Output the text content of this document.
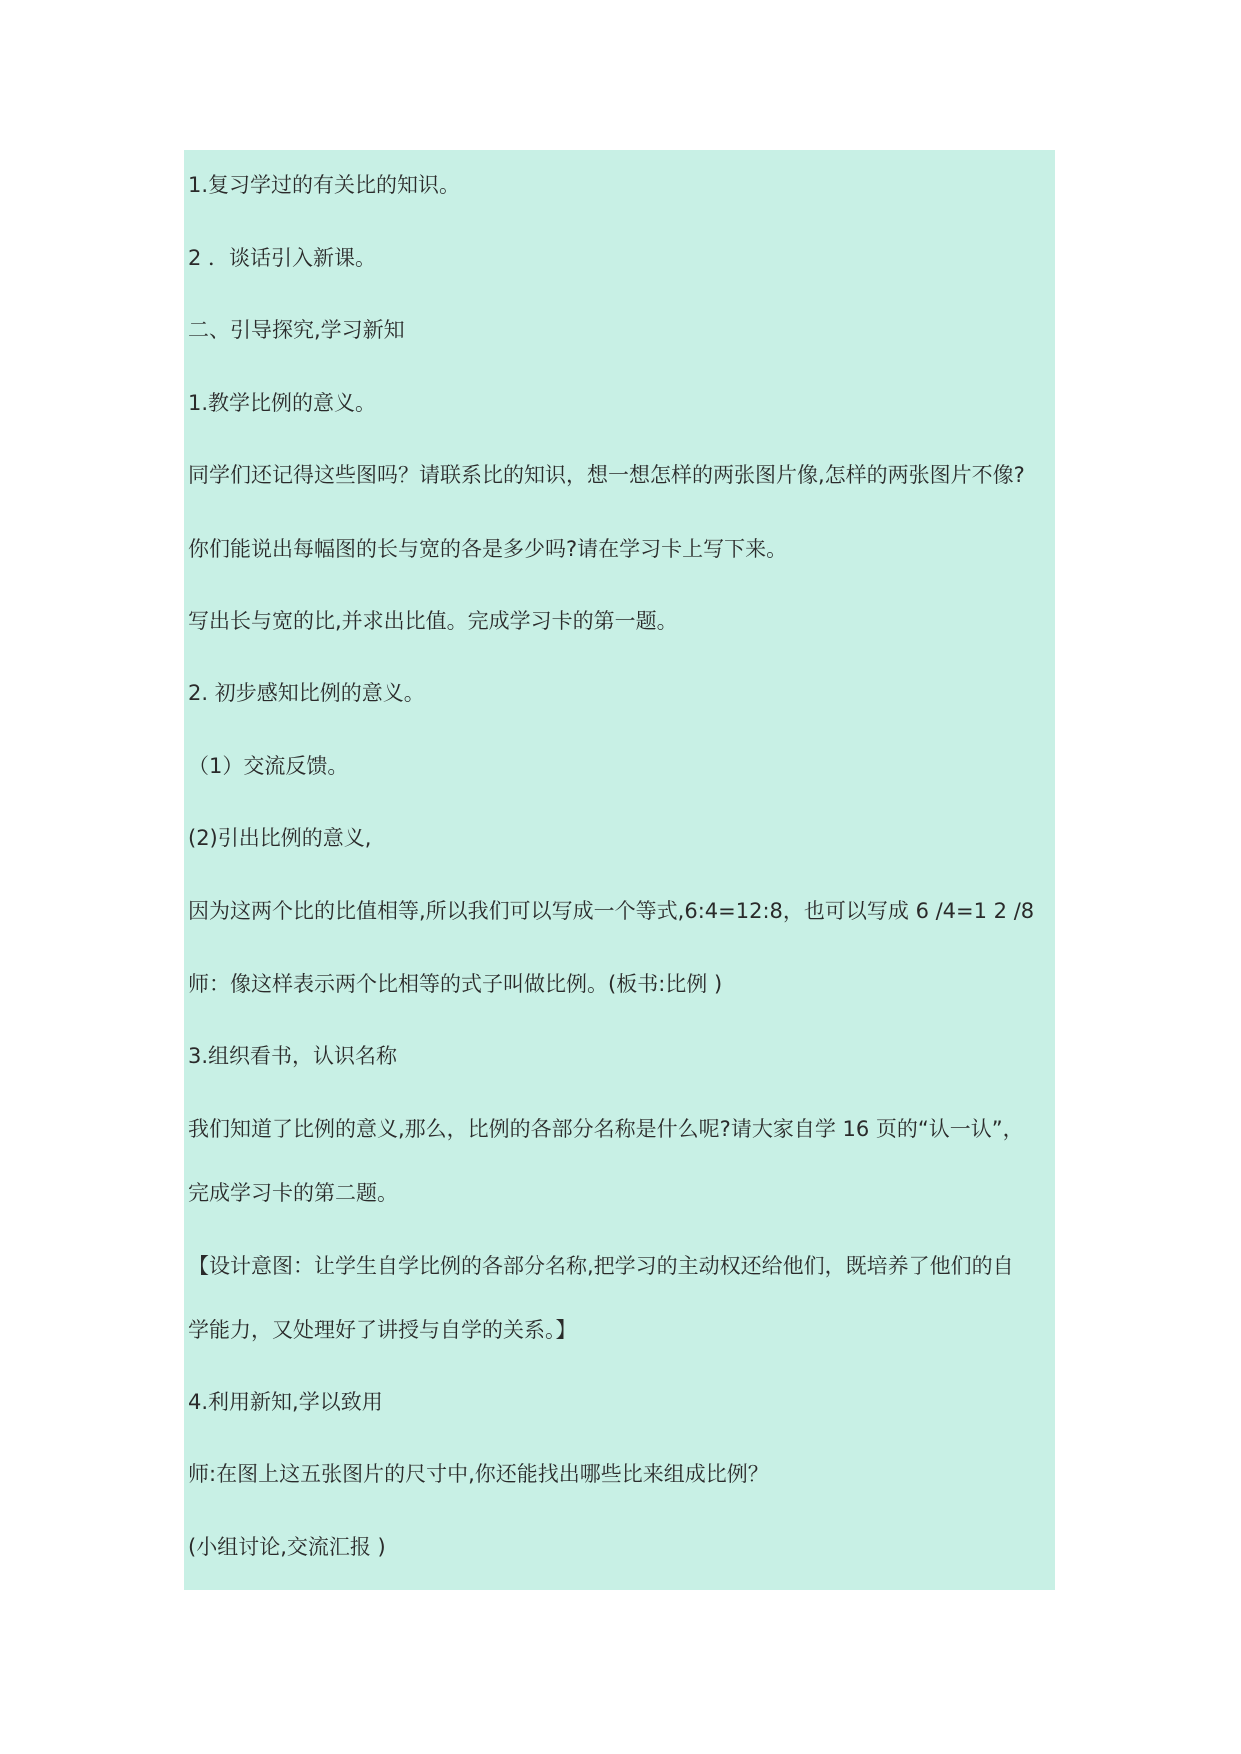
1.复习学过的有关比的知识。
2 ．谈话引入新课。
二、引导探究,学习新知
1.教学比例的意义。
同学们还记得这些图吗？请联系比的知识，想一想怎样的两张图片像,怎样的两张图片不像?
你们能说出每幅图的长与宽的各是多少吗?请在学习卡上写下来。
写出长与宽的比,并求出比值。完成学习卡的第一题。
2. 初步感知比例的意义。
（1）交流反馈。
(2)引出比例的意义,
因为这两个比的比值相等,所以我们可以写成一个等式,6:4=12:8，也可以写成 6 /4=1 2 /8
师：像这样表示两个比相等的式子叫做比例。(板书:比例 )
3.组织看书，认识名称
我们知道了比例的意义,那么，比例的各部分名称是什么呢?请大家自学 16 页的“认一认”，
完成学习卡的第二题。
【设计意图：让学生自学比例的各部分名称,把学习的主动权还给他们，既培养了他们的自
学能力，又处理好了讲授与自学的关系。】
4.利用新知,学以致用
师:在图上这五张图片的尺寸中,你还能找出哪些比来组成比例？
(小组讨论,交流汇报 )
